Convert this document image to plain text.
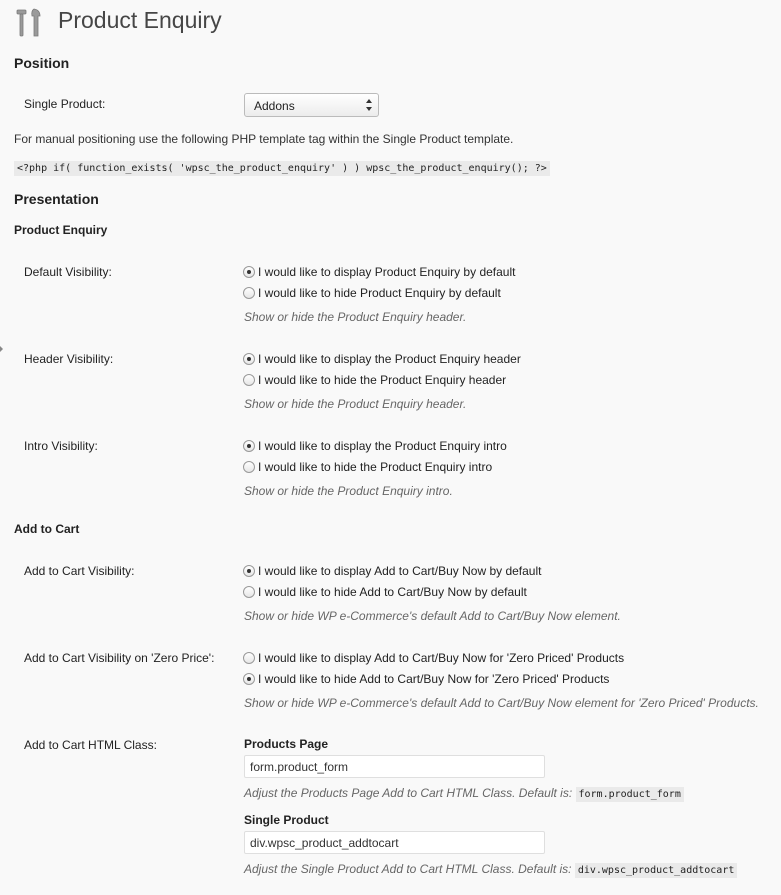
Product Enquiry
Position
Single Product:	Addons
For manual positioning use the following PHP template tag within the Single Product template.
<?php if( function_exists( 'wpsc_the_product_enquiry' ) ) wpsc_the_product_enquiry(); ?>
Presentation
Product Enquiry
Default Visibility:	I would like to display Product Enquiry by default
I would like to hide Product Enquiry by default
Show or hide the Product Enquiry header.
Header Visibility:	I would like to display the Product Enquiry header
I would like to hide the Product Enquiry header
Show or hide the Product Enquiry header.
Intro Visibility:	I would like to display the Product Enquiry intro
I would like to hide the Product Enquiry intro
Show or hide the Product Enquiry intro.
Add to Cart
Add to Cart Visibility:	I would like to display Add to Cart/Buy Now by default
I would like to hide Add to Cart/Buy Now by default
Show or hide WP e-Commerce's default Add to Cart/Buy Now element.
Add to Cart Visibility on 'Zero Price':	I would like to display Add to Cart/Buy Now for 'Zero Priced' Products
I would like to hide Add to Cart/Buy Now for 'Zero Priced' Products
Show or hide WP e-Commerce's default Add to Cart/Buy Now element for 'Zero Priced' Products.
Add to Cart HTML Class:	Products Page
form.product_form
Adjust the Products Page Add to Cart HTML Class. Default is: form.product_form
Single Product
div.wpsc_product_addtocart
Adjust the Single Product Add to Cart HTML Class. Default is: div.wpsc_product_addtocart
